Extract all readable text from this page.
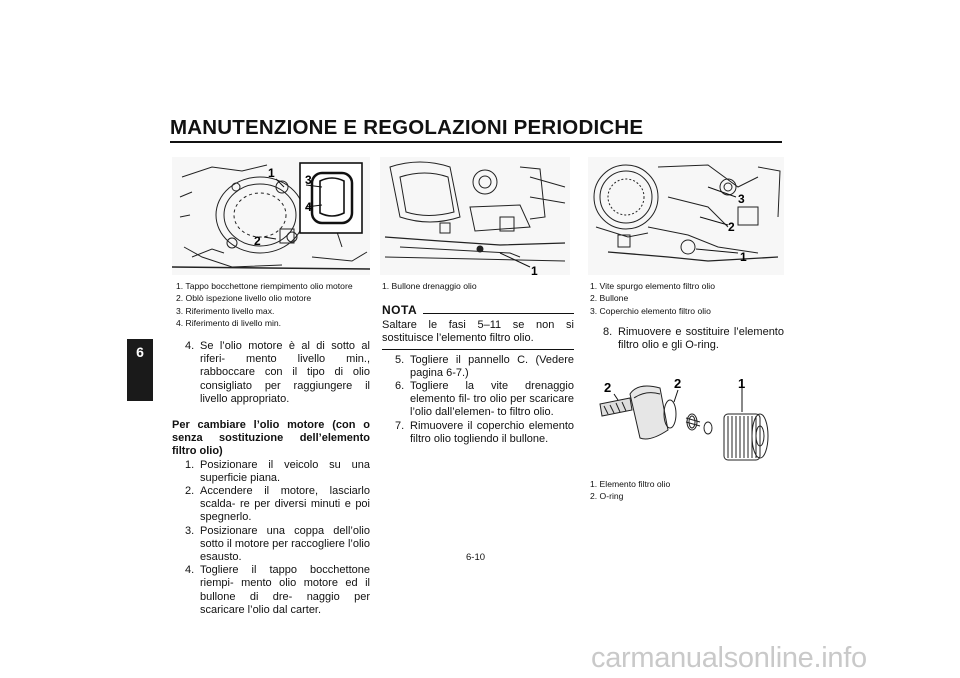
MANUTENZIONE E REGOLAZIONI PERIODICHE
6
1
2
3
4
1. Tappo bocchettone riempimento olio motore
2. Oblò ispezione livello olio motore
3. Riferimento livello max.
4. Riferimento di livello min.
4. Se l’olio motore è al di sotto al riferi- mento livello min., rabboccare con il tipo di olio consigliato per raggiungere il livello appropriato.
Per cambiare l’olio motore (con o senza sostituzione dell’elemento filtro olio)
1. Posizionare il veicolo su una superficie piana.
2. Accendere il motore, lasciarlo scalda- re per diversi minuti e poi spegnerlo.
3. Posizionare una coppa dell’olio sotto il motore per raccogliere l’olio esausto.
4. Togliere il tappo bocchettone riempi- mento olio motore ed il bullone di dre- naggio per scaricare l’olio dal carter.
1
1. Bullone drenaggio olio
NOTA
Saltare le fasi 5–11 se non si sostituisce l’elemento filtro olio.
5. Togliere il pannello C. (Vedere pagina 6-7.)
6. Togliere la vite drenaggio elemento fil- tro olio per scaricare l’olio dall’elemen- to filtro olio.
7. Rimuovere il coperchio elemento filtro olio togliendo il bullone.
3
2
1
1. Vite spurgo elemento filtro olio
2. Bullone
3. Coperchio elemento filtro olio
8. Rimuovere e sostituire l’elemento filtro olio e gli O-ring.
2	2	1
1. Elemento filtro olio
2. O-ring
6-10
carmanualsonline.info
